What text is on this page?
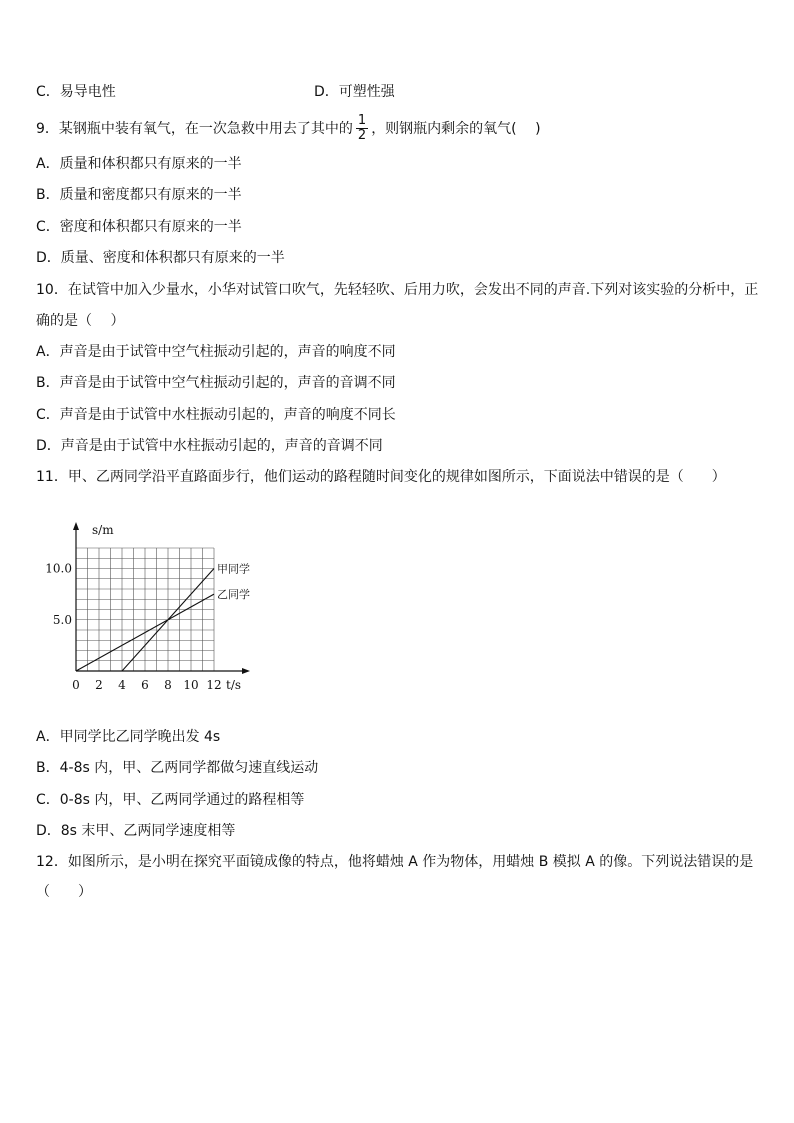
C．易导电性	D．可塑性强
9．某钢瓶中装有氧气，在一次急救中用去了其中的 $\frac{1}{2}$ ，则钢瓶内剩余的氧气(　 )
A．质量和体积都只有原来的一半
B．质量和密度都只有原来的一半
C．密度和体积都只有原来的一半
D．质量、密度和体积都只有原来的一半
10．在试管中加入少量水，小华对试管口吹气，先轻轻吹、后用力吹，会发出不同的声音.下列对该实验的分析中，正
确的是（　 ）
A．声音是由于试管中空气柱振动引起的，声音的响度不同
B．声音是由于试管中空气柱振动引起的，声音的音调不同
C．声音是由于试管中水柱振动引起的，声音的响度不同长
D．声音是由于试管中水柱振动引起的，声音的音调不同
11．甲、乙两同学沿平直路面步行，他们运动的路程随时间变化的规律如图所示，下面说法中错误的是（　　）
0 2 4 6 8 10 12
5.0
10.0
t/s
s/m
甲同学
乙同学
A．甲同学比乙同学晚出发 4s
B．4-8s 内，甲、乙两同学都做匀速直线运动
C．0-8s 内，甲、乙两同学通过的路程相等
D．8s 末甲、乙两同学速度相等
12．如图所示，是小明在探究平面镜成像的特点，他将蜡烛 A 作为物体，用蜡烛 B 模拟 A 的像。下列说法错误的是
（　　）
